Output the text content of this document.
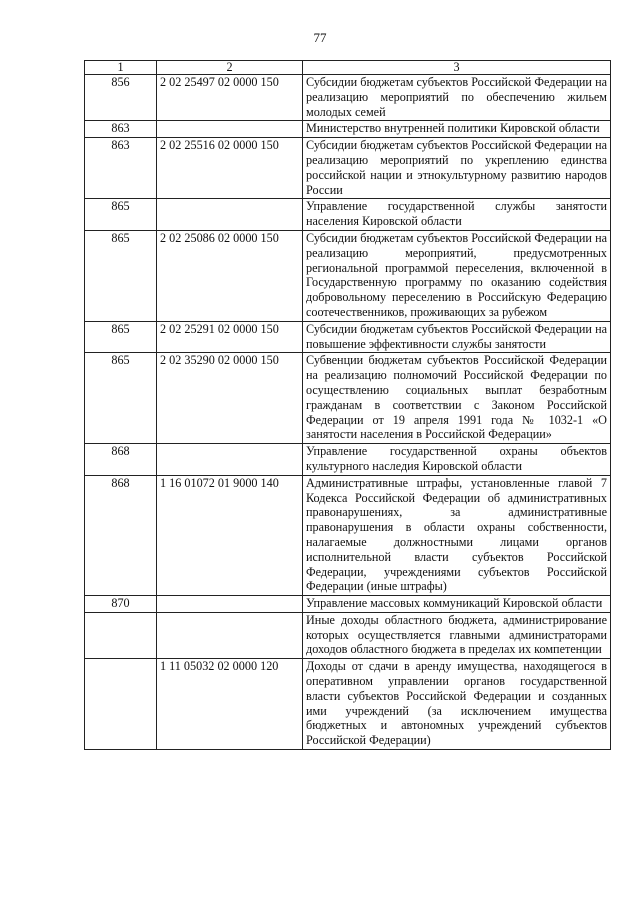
77
1	2	3
856	2 02 25497 02 0000 150	Субсидии бюджетам субъектов Российской Федерации на реализацию мероприятий по обеспечению жильем молодых семей
863		Министерство внутренней политики Кировской области
863	2 02 25516 02 0000 150	Субсидии бюджетам субъектов Российской Федерации на реализацию мероприятий по укреплению единства российской нации и этнокультурному развитию народов России
865		Управление государственной службы занятости населения Кировской области
865	2 02 25086 02 0000 150	Субсидии бюджетам субъектов Российской Федерации на реализацию мероприятий, предусмотренных региональной программой переселения, включенной в Государственную программу по оказанию содействия добровольному переселению в Российскую Федерацию соотечественников, проживающих за рубежом
865	2 02 25291 02 0000 150	Субсидии бюджетам субъектов Российской Федерации на повышение эффективности службы занятости
865	2 02 35290 02 0000 150	Субвенции бюджетам субъектов Российской Федерации на реализацию полномочий Российской Федерации по осуществлению социальных выплат безработным гражданам в соответствии с Законом Российской Федерации от 19 апреля 1991 года № 1032-1 «О занятости населения в Российской Федерации»
868		Управление государственной охраны объектов культурного наследия Кировской области
868	1 16 01072 01 9000 140	Административные штрафы, установленные главой 7 Кодекса Российской Федерации об административных правонарушениях, за административные правонарушения в области охраны собственности, налагаемые должностными лицами органов исполнительной власти субъектов Российской Федерации, учреждениями субъектов Российской Федерации (иные штрафы)
870		Управление массовых коммуникаций Кировской области
		Иные доходы областного бюджета, администрирование которых осуществляется главными администраторами доходов областного бюджета в пределах их компетенции
	1 11 05032 02 0000 120	Доходы от сдачи в аренду имущества, находящегося в оперативном управлении органов государственной власти субъектов Российской Федерации и созданных ими учреждений (за исключением имущества бюджетных и автономных учреждений субъектов Российской Федерации)
